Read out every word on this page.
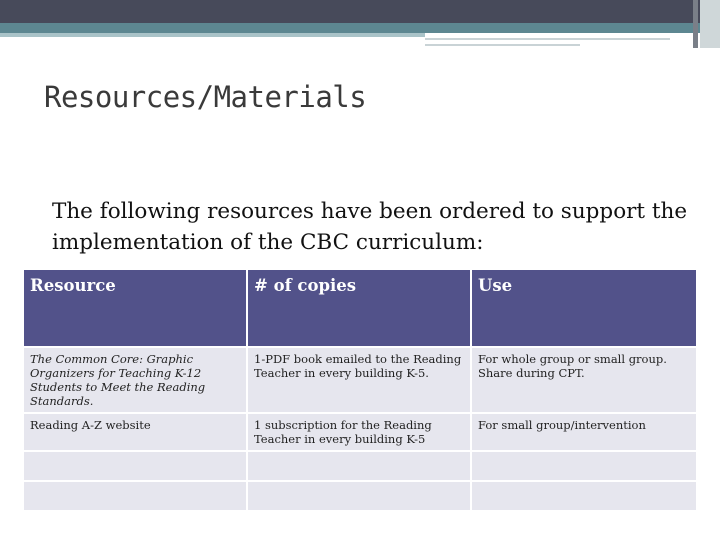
Resources/Materials
The following resources have been ordered to support the implementation of the CBC curriculum:
Resource	# of copies	Use
The Common Core: Graphic Organizers for Teaching K-12 Students to Meet the Reading Standards.	1-PDF book emailed to the Reading Teacher in every building K-5.	For whole group or small group. Share during CPT.
Reading A-Z website	1 subscription for the Reading Teacher in every building K-5	For small group/intervention
